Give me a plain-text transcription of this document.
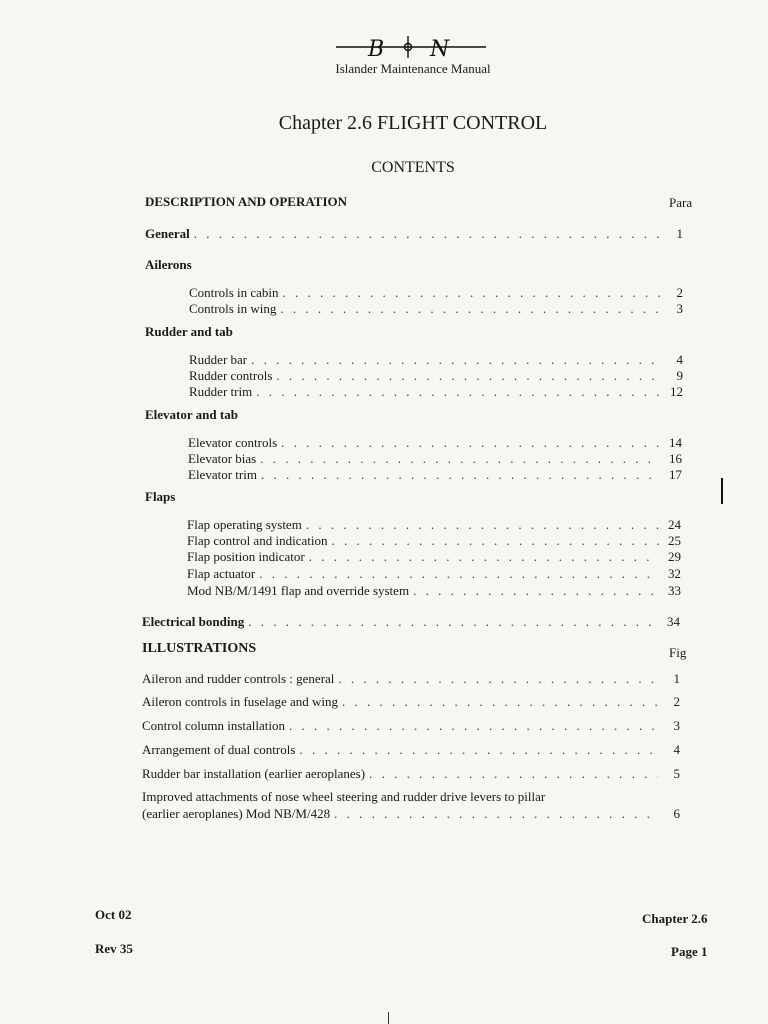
B N
Islander Maintenance Manual
Chapter 2.6 FLIGHT CONTROL
CONTENTS
DESCRIPTION AND OPERATION	Para
General . . .	1
Ailerons
Controls in cabin . . .	2
Controls in wing . . .	3
Rudder and tab
Rudder bar . . .	4
Rudder controls . . .	9
Rudder trim . . .	12
Elevator and tab
Elevator controls . . .	14
Elevator bias . . .	16
Elevator trim . . .	17
Flaps
Flap operating system . . .	24
Flap control and indication . . .	25
Flap position indicator . . .	29
Flap actuator . . .	32
Mod NB/M/1491 flap and override system . . .	33
Electrical bonding . . .	34
ILLUSTRATIONS	Fig
Aileron and rudder controls : general . . .	1
Aileron controls in fuselage and wing . . .	2
Control column installation . . .	3
Arrangement of dual controls . . .	4
Rudder bar installation (earlier aeroplanes) . . .	5
Improved attachments of nose wheel steering and rudder drive levers to pillar
(earlier aeroplanes) Mod NB/M/428 . . .	6
Oct 02
Rev 35
Chapter 2.6
Page 1
